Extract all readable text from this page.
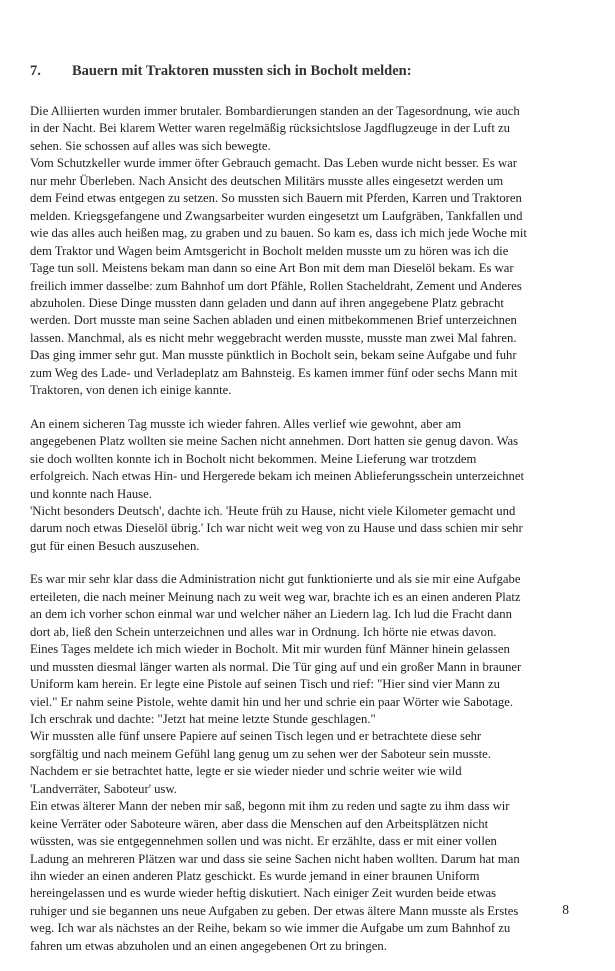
7. Bauern mit Traktoren mussten sich in Bocholt melden:

Die Alliierten wurden immer brutaler. Bombardierungen standen an der Tagesordnung, wie auch

in der Nacht. Bei klarem Wetter waren regelmäßig rücksichtslose Jagdflugzeuge in der Luft zu

sehen. Sie schossen auf alles was sich bewegte.

Vom Schutzkeller wurde immer öfter Gebrauch gemacht. Das Leben wurde nicht besser. Es war

nur mehr Überleben. Nach Ansicht des deutschen Militärs musste alles eingesetzt werden um

dem Feind etwas entgegen zu setzen. So mussten sich Bauern mit Pferden, Karren und Traktoren

melden. Kriegsgefangene und Zwangsarbeiter wurden eingesetzt um Laufgräben, Tankfallen und

wie das alles auch heißen mag, zu graben und zu bauen. So kam es, dass ich mich jede Woche mit

dem Traktor und Wagen beim Amtsgericht in Bocholt melden musste um zu hören was ich die

Tage tun soll. Meistens bekam man dann so eine Art Bon mit dem man Dieselöl bekam. Es war

freilich immer dasselbe: zum Bahnhof um dort Pfähle, Rollen Stacheldraht, Zement und Anderes

abzuholen. Diese Dinge mussten dann geladen und dann auf ihren angegebene Platz gebracht

werden. Dort musste man seine Sachen abladen und einen mitbekommenen Brief unterzeichnen

lassen. Manchmal, als es nicht mehr weggebracht werden musste, musste man zwei Mal fahren.

Das ging immer sehr gut. Man musste pünktlich in Bocholt sein, bekam seine Aufgabe und fuhr

zum Weg des Lade- und Verladeplatz am Bahnsteig. Es kamen immer fünf oder sechs Mann mit

Traktoren, von denen ich einige kannte.

An einem sicheren Tag musste ich wieder fahren. Alles verlief wie gewohnt, aber am

angegebenen Platz wollten sie meine Sachen nicht annehmen. Dort hatten sie genug davon. Was

sie doch wollten konnte ich in Bocholt nicht bekommen. Meine Lieferung war trotzdem

erfolgreich. Nach etwas Hin- und Hergerede bekam ich meinen Ablieferungsschein unterzeichnet

und konnte nach Hause.

'Nicht besonders Deutsch', dachte ich. 'Heute früh zu Hause, nicht viele Kilometer gemacht und

darum noch etwas Dieselöl übrig.' Ich war nicht weit weg von zu Hause und dass schien mir sehr

gut für einen Besuch auszusehen.

Es war mir sehr klar dass die Administration nicht gut funktionierte und als sie mir eine Aufgabe

erteileten, die nach meiner Meinung nach zu weit weg war, brachte ich es an einen anderen Platz

an dem ich vorher schon einmal war und welcher näher an Liedern lag. Ich lud die Fracht dann

dort ab, ließ den Schein unterzeichnen und alles war in Ordnung. Ich hörte nie etwas davon.

Eines Tages meldete ich mich wieder in Bocholt. Mit mir wurden fünf Männer hinein gelassen

und mussten diesmal länger warten als normal. Die Tür ging auf und ein großer Mann in brauner

Uniform kam herein. Er legte eine Pistole auf seinen Tisch und rief: "Hier sind vier Mann zu

viel." Er nahm seine Pistole, wehte damit hin und her und schrie ein paar Wörter wie Sabotage.

Ich erschrak und dachte: "Jetzt hat meine letzte Stunde geschlagen."

Wir mussten alle fünf unsere Papiere auf seinen Tisch legen und er betrachtete diese sehr

sorgfältig und nach meinem Gefühl lang genug um zu sehen wer der Saboteur sein musste.

Nachdem er sie betrachtet hatte, legte er sie wieder nieder und schrie weiter wie wild

'Landverräter, Saboteur' usw.

Ein etwas älterer Mann der neben mir saß, begonn mit ihm zu reden und sagte zu ihm dass wir

keine Verräter oder Saboteure wären, aber dass die Menschen auf den Arbeitsplätzen nicht

wüssten, was sie entgegennehmen sollen und was nicht. Er erzählte, dass er mit einer vollen

Ladung an mehreren Plätzen war und dass sie seine Sachen nicht haben wollten. Darum hat man

ihn wieder an einen anderen Platz geschickt. Es wurde jemand in einer braunen Uniform

hereingelassen und es wurde wieder heftig diskutiert. Nach einiger Zeit wurden beide etwas

ruhiger und sie begannen uns neue Aufgaben zu geben. Der etwas ältere Mann musste als Erstes

weg. Ich war als nächstes an der Reihe, bekam so wie immer die Aufgabe um zum Bahnhof zu

fahren um etwas abzuholen und an einen angegebenen Ort zu bringen.

8
